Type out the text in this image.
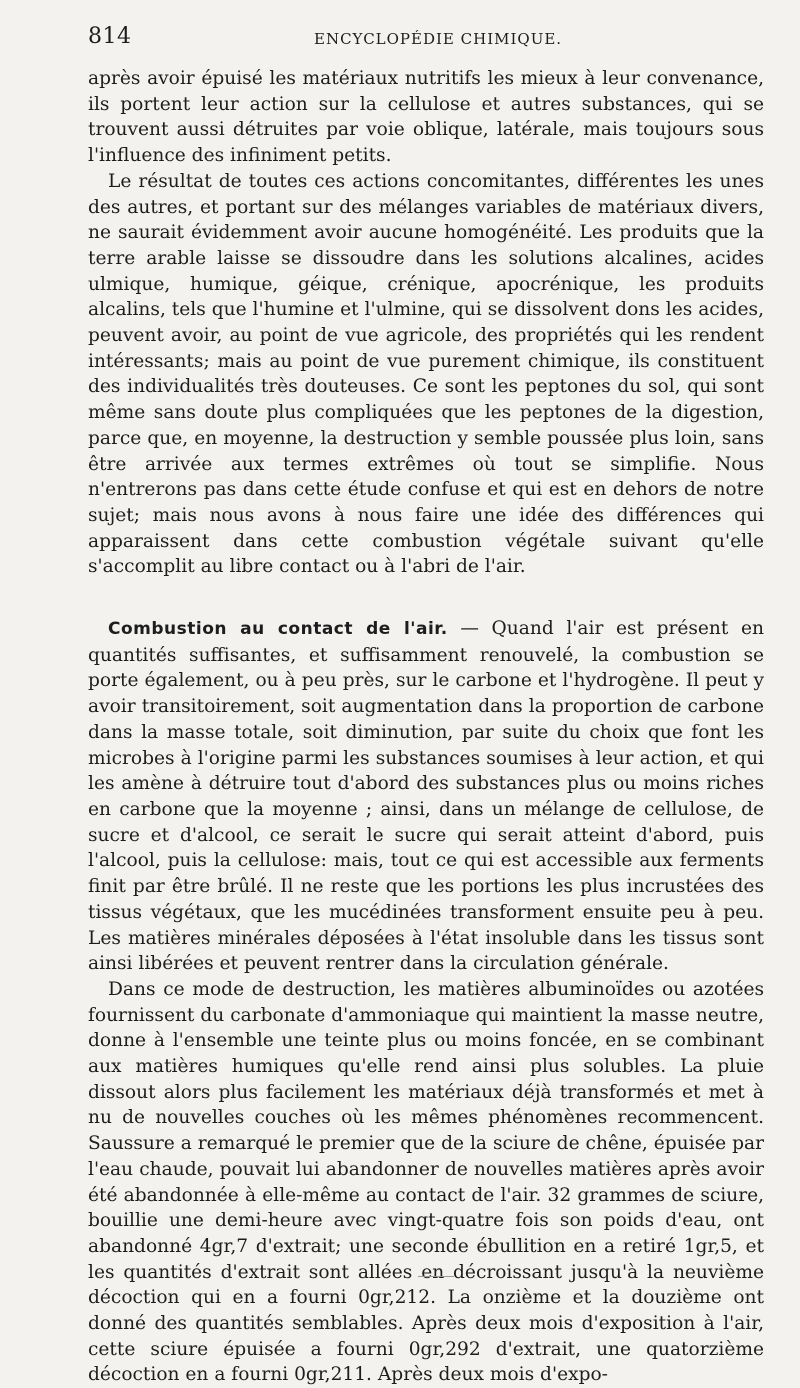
814	ENCYCLOPÉDIE CHIMIQUE.

après avoir épuisé les matériaux nutritifs les mieux à leur convenance, ils portent leur action sur la cellulose et autres substances, qui se trouvent aussi détruites par voie oblique, latérale, mais toujours sous l'influence des infiniment petits.

Le résultat de toutes ces actions concomitantes, différentes les unes des autres, et portant sur des mélanges variables de matériaux divers, ne saurait évidemment avoir aucune homogénéité. Les produits que la terre arable laisse se dissoudre dans les solutions alcalines, acides ulmique, humique, géique, crénique, apocrénique, les produits alcalins, tels que l'humine et l'ulmine, qui se dissolvent dons les acides, peuvent avoir, au point de vue agricole, des propriétés qui les rendent intéressants; mais au point de vue purement chimique, ils constituent des individualités très douteuses. Ce sont les peptones du sol, qui sont même sans doute plus compliquées que les peptones de la digestion, parce que, en moyenne, la destruction y semble poussée plus loin, sans être arrivée aux termes extrêmes où tout se simplifie. Nous n'entrerons pas dans cette étude confuse et qui est en dehors de notre sujet; mais nous avons à nous faire une idée des différences qui apparaissent dans cette combustion végétale suivant qu'elle s'accomplit au libre contact ou à l'abri de l'air.

Combustion au contact de l'air. — Quand l'air est présent en quantités suffisantes, et suffisamment renouvelé, la combustion se porte également, ou à peu près, sur le carbone et l'hydrogène. Il peut y avoir transitoirement, soit augmentation dans la proportion de carbone dans la masse totale, soit diminution, par suite du choix que font les microbes à l'origine parmi les substances soumises à leur action, et qui les amène à détruire tout d'abord des substances plus ou moins riches en carbone que la moyenne ; ainsi, dans un mélange de cellulose, de sucre et d'alcool, ce serait le sucre qui serait atteint d'abord, puis l'alcool, puis la cellulose: mais, tout ce qui est accessible aux ferments finit par être brûlé. Il ne reste que les portions les plus incrustées des tissus végétaux, que les mucédinées transforment ensuite peu à peu. Les matières minérales déposées à l'état insoluble dans les tissus sont ainsi libérées et peuvent rentrer dans la circulation générale.

Dans ce mode de destruction, les matières albuminoïdes ou azotées fournissent du carbonate d'ammoniaque qui maintient la masse neutre, donne à l'ensemble une teinte plus ou moins foncée, en se combinant aux matières humiques qu'elle rend ainsi plus solubles. La pluie dissout alors plus facilement les matériaux déjà transformés et met à nu de nouvelles couches où les mêmes phénomènes recommencent. Saussure a remarqué le premier que de la sciure de chêne, épuisée par l'eau chaude, pouvait lui abandonner de nouvelles matières après avoir été abandonnée à elle-même au contact de l'air. 32 grammes de sciure, bouillie une demi-heure avec vingt-quatre fois son poids d'eau, ont abandonné 4gr,7 d'extrait; une seconde ébullition en a retiré 1gr,5, et les quantités d'extrait sont allées en décroissant jusqu'à la neuvième décoction qui en a fourni 0gr,212. La onzième et la douzième ont donné des quantités semblables. Après deux mois d'exposition à l'air, cette sciure épuisée a fourni 0gr,292 d'extrait, une quatorzième décoction en a fourni 0gr,211. Après deux mois d'expo-
